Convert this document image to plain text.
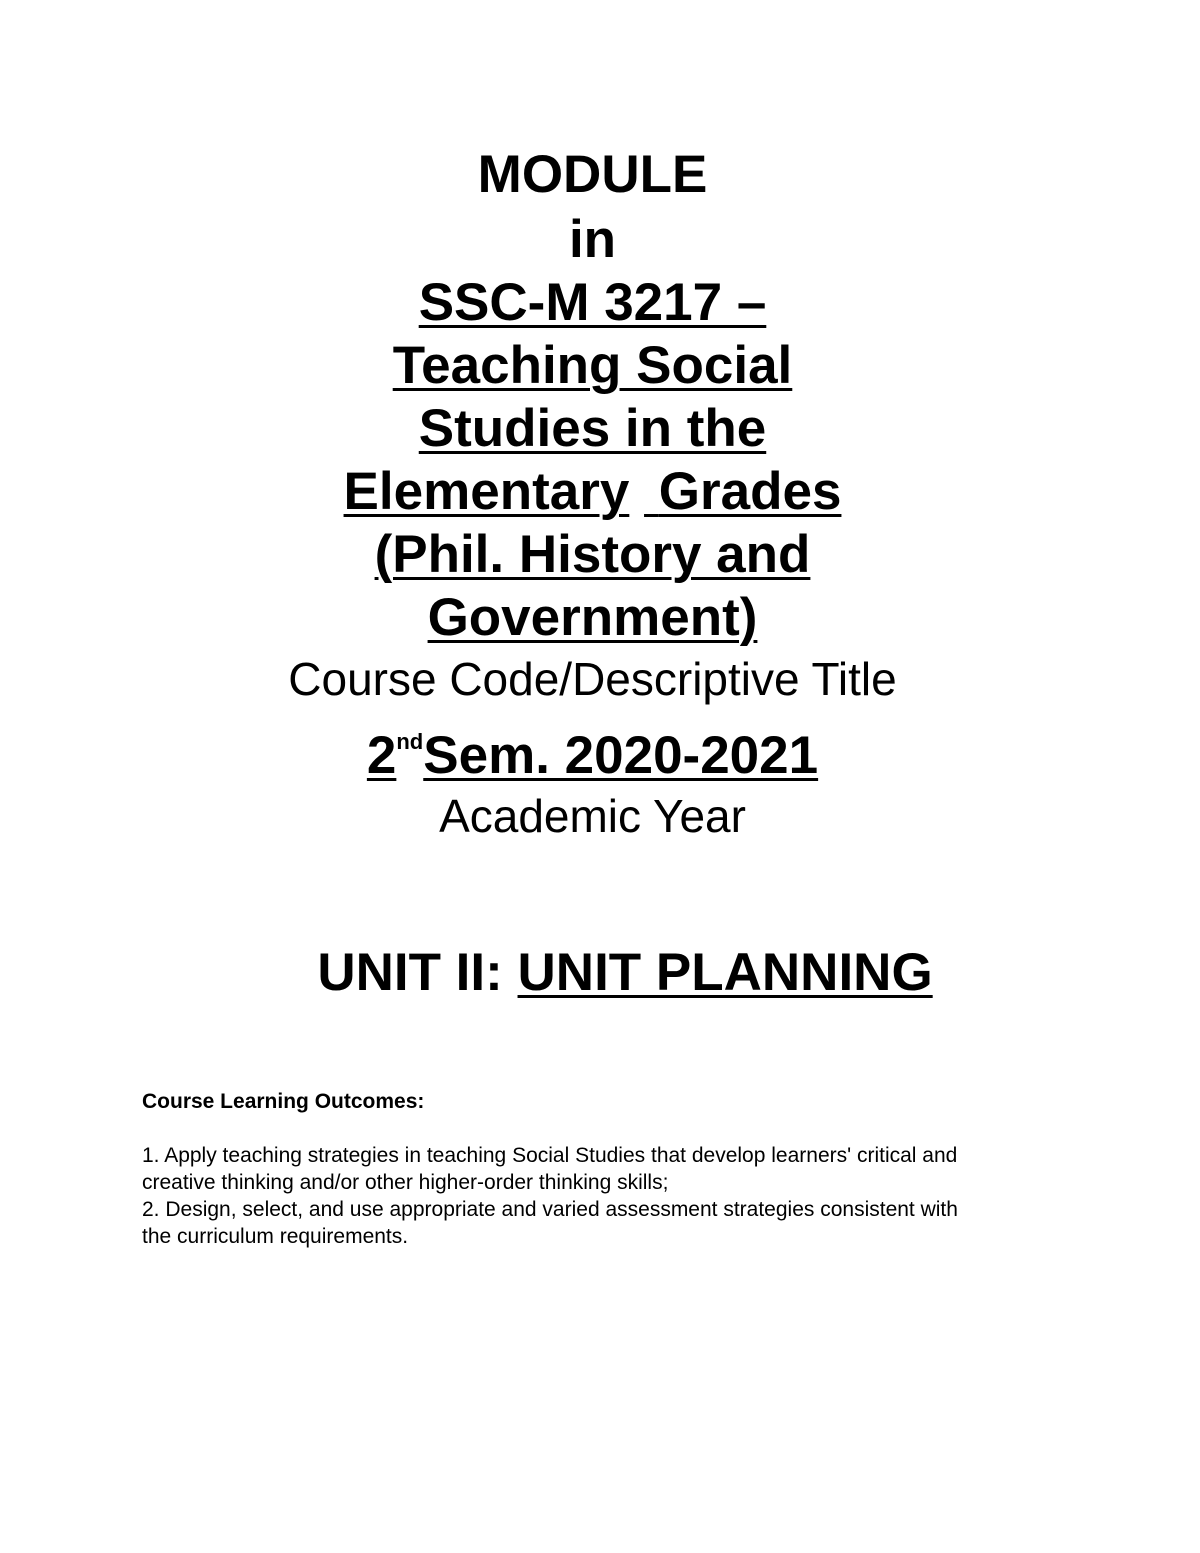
MODULE
in
SSC-M 3217 –
Teaching Social
Studies in the
Elementary Grades
(Phil. History and
Government)
Course Code/Descriptive Title
2ndSem. 2020-2021
Academic Year
UNIT II: UNIT PLANNING
Course Learning Outcomes:

1. Apply teaching strategies in teaching Social Studies that develop learners' critical and creative thinking and/or other higher-order thinking skills;

2. Design, select, and use appropriate and varied assessment strategies consistent with the curriculum requirements.
